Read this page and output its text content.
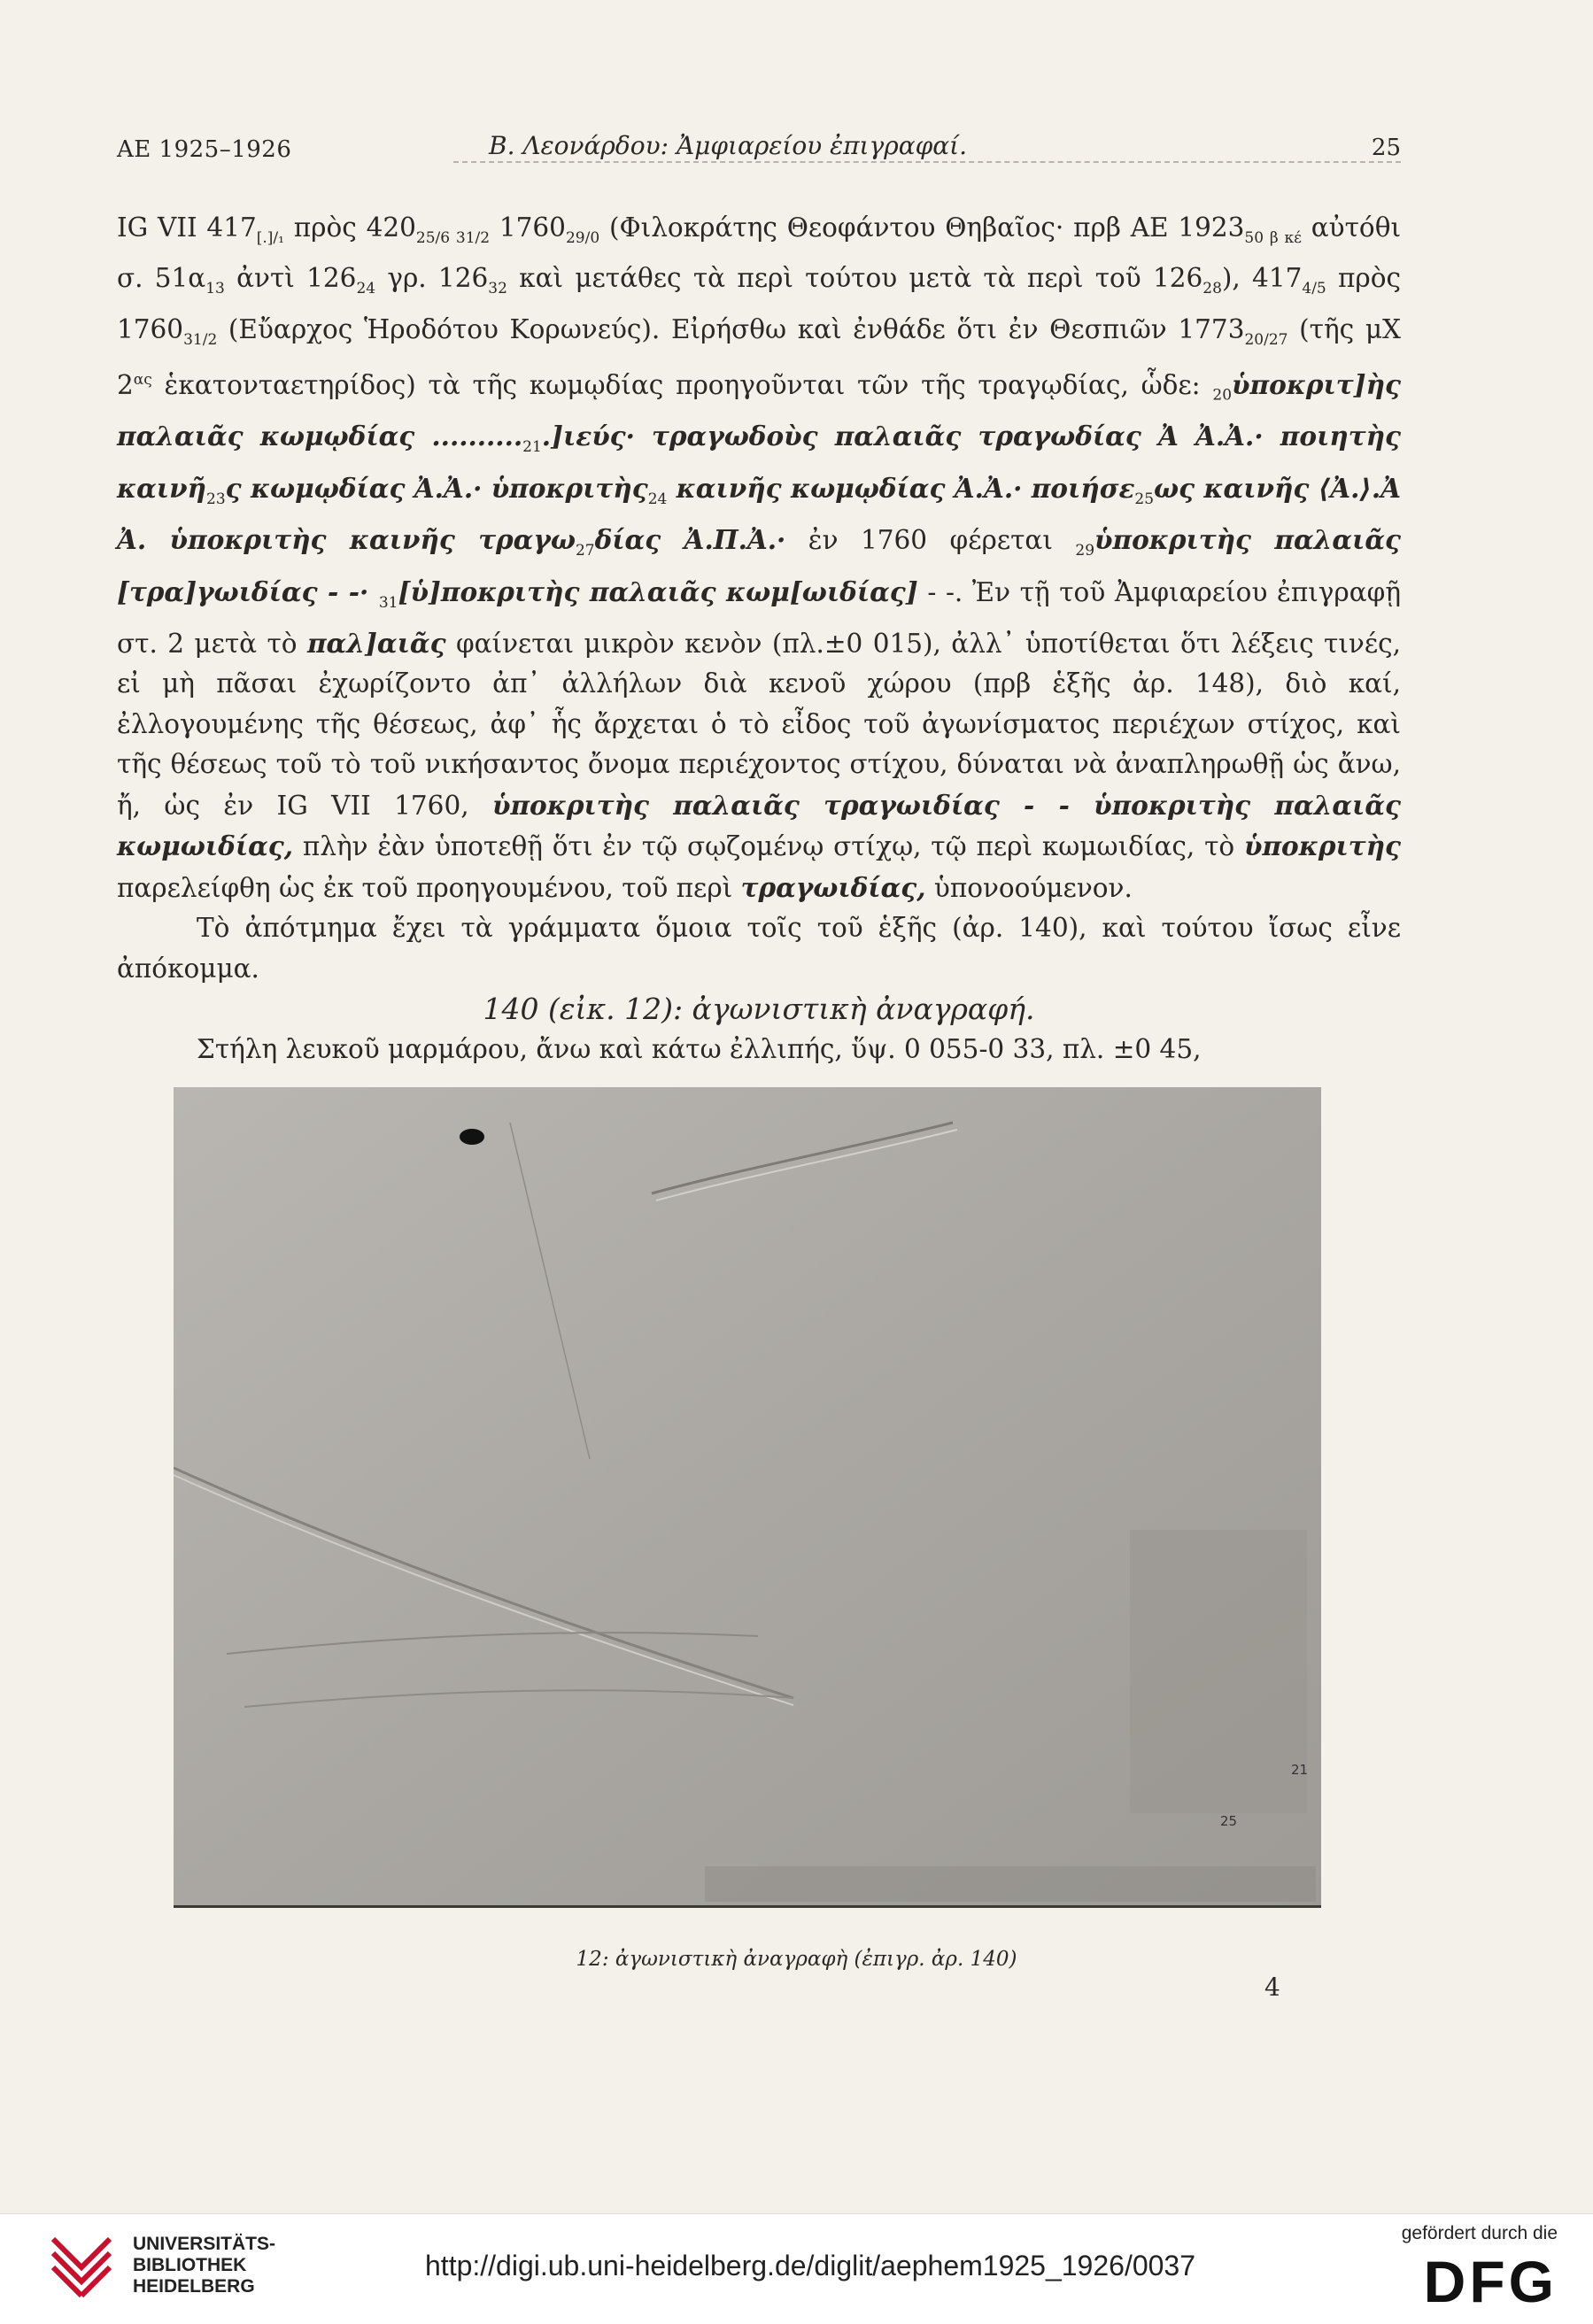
ΑΕ 1925–1926	Β. Λεονάρδου: Ἀμφιαρείου ἐπιγραφαί.	25

IG VII $417_{[.]/_1}$ πρὸς $420_{25/6 31/2}$ $1760_{29/0}$ (Φιλοκράτης Θεοφάντου Θηβαῖος· πρβ ΑΕ $1923_{50 \beta \kappa έ}$ αὐτόθι σ. $51\alpha_{13}$ ἀντὶ $126_{24}$ γρ. $126_{32}$ καὶ μετάθες τὰ περὶ τούτου μετὰ τὰ περὶ τοῦ $126_{28}$), $417_{4/5}$ πρὸς $1760_{31/2}$ (Εὔαρχος Ἡροδότου Κορωνεύς). Εἰρήσθω καὶ ἐνθάδε ὅτι ἐν Θεσπιῶν $1773_{20/27}$ (τῆς μΧ $2^{\alpha\varsigma}$ ἑκατονταετηρίδος) τὰ τῆς κωμῳδίας προηγοῦνται τῶν τῆς τραγῳδίας, ὧδε: $_{20}$ὑποκριτ]ὴς παλαιᾶς κωμῳδίας $.........._{21}.]\iota\varepsilon ύ\varsigma\cdot$ τραγωδοὺς παλαιᾶς τραγωδίας Ἀ Ἀ.Ἀ.· ποιητὴς καινῆ$_{23}$ς κωμῳδίας Ἀ.Ἀ.· ὑποκριτὴς$_{24}$ καινῆς κωμῳδίας Ἀ.Ἀ.· ποιήσε$_{25}$ως καινῆς ⟨Ἀ.⟩.Ἀ Ἀ. ὑποκριτὴς καινῆς τραγω$_{27}$δίας Ἀ.Π.Ἀ.· ἐν 1760 φέρεται $_{29}$ὑποκριτὴς παλαιᾶς [τρα]γωιδίας - -· $_{31}$[ὑ]ποκριτὴς παλαιᾶς κωμ[ωιδίας] - -. Ἐν τῇ τοῦ Ἀμφιαρείου ἐπιγραφῇ στ. 2 μετὰ τὸ παλ]αιᾶς φαίνεται μικρὸν κενὸν (πλ.±0 015), ἀλλ᾽ ὑποτίθεται ὅτι λέξεις τινές, εἰ μὴ πᾶσαι ἐχωρίζοντο ἀπ᾽ ἀλλήλων διὰ κενοῦ χώρου (πρβ ἑξῆς ἀρ. 148), διὸ καί, ἐλλογουμένης τῆς θέσεως, ἀφ᾽ ἧς ἄρχεται ὁ τὸ εἶδος τοῦ ἀγωνίσματος περιέχων στίχος, καὶ τῆς θέσεως τοῦ τὸ τοῦ νικήσαντος ὄνομα περιέχοντος στίχου, δύναται νὰ ἀναπληρωθῇ ὡς ἄνω, ἤ, ὡς ἐν IG VII 1760, ὑποκριτὴς παλαιᾶς τραγωιδίας - - ὑποκριτὴς παλαιᾶς κωμωιδίας, πλὴν ἐὰν ὑποτεθῇ ὅτι ἐν τῷ σῳζομένῳ στίχῳ, τῷ περὶ κωμωιδίας, τὸ ὑποκριτὴς παρελείφθη ὡς ἐκ τοῦ προηγουμένου, τοῦ περὶ τραγωιδίας, ὑπονοούμενον.

Τὸ ἀπότμημα ἔχει τὰ γράμματα ὅμοια τοῖς τοῦ ἑξῆς (ἀρ. 140), καὶ τούτου ἴσως εἶνε ἀπόκομμα.

140 (εἰκ. 12): ἀγωνιστικὴ ἀναγραφή.

Στήλη λευκοῦ μαρμάρου, ἄνω καὶ κάτω ἐλλιπής, ὕψ. 0 055-0 33, πλ. ±0 45,

21
25
12: ἀγωνιστικὴ ἀναγραφὴ (ἐπιγρ. ἀρ. 140)
4
UNIVERSITÄTS-
BIBLIOTHEK
HEIDELBERG
http://digi.ub.uni-heidelberg.de/diglit/aephem1925_1926/0037
gefördert durch die
DFG
